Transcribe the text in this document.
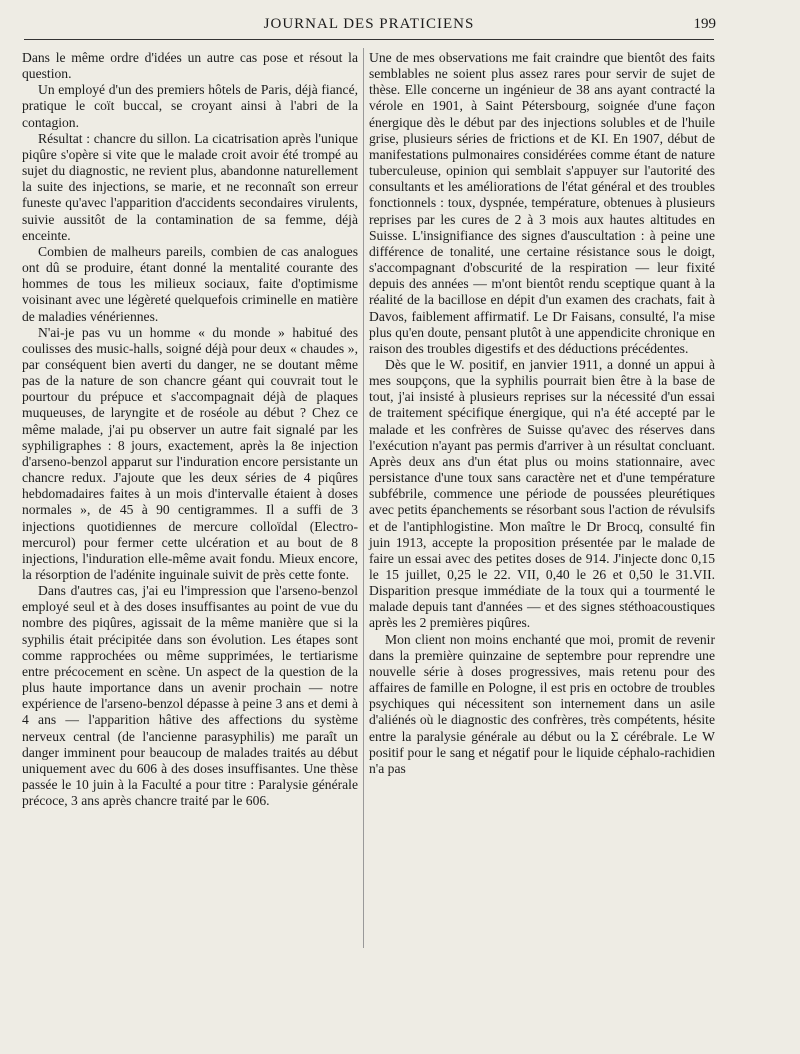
JOURNAL DES PRATICIENS	199

Dans le même ordre d'idées un autre cas pose et résout la question.

Un employé d'un des premiers hôtels de Paris, déjà fiancé, pratique le coït buccal, se croyant ainsi à l'abri de la contagion.

Résultat : chancre du sillon. La cicatrisation après l'unique piqûre s'opère si vite que le malade croit avoir été trompé au sujet du diagnostic, ne revient plus, abandonne naturellement la suite des injections, se marie, et ne reconnaît son erreur funeste qu'avec l'apparition d'accidents secondaires virulents, suivie aussitôt de la contamination de sa femme, déjà enceinte.

Combien de malheurs pareils, combien de cas analogues ont dû se produire, étant donné la mentalité courante des hommes de tous les milieux sociaux, faite d'optimisme voisinant avec une légèreté quelquefois criminelle en matière de maladies vénériennes.

N'ai-je pas vu un homme « du monde » habitué des coulisses des music-halls, soigné déjà pour deux « chaudes », par conséquent bien averti du danger, ne se doutant même pas de la nature de son chancre géant qui couvrait tout le pourtour du prépuce et s'accompagnait déjà de plaques muqueuses, de laryngite et de roséole au début ? Chez ce même malade, j'ai pu observer un autre fait signalé par les syphiligraphes : 8 jours, exactement, après la 8e injection d'arseno-benzol apparut sur l'induration encore persistante un chancre redux. J'ajoute que les deux séries de 4 piqûres hebdomadaires faites à un mois d'intervalle étaient à doses normales », de 45 à 90 centigrammes. Il a suffi de 3 injections quotidiennes de mercure colloïdal (Electro-mercurol) pour fermer cette ulcération et au bout de 8 injections, l'induration elle-même avait fondu. Mieux encore, la résorption de l'adénite inguinale suivit de près cette fonte.

Dans d'autres cas, j'ai eu l'impression que l'arseno-benzol employé seul et à des doses insuffisantes au point de vue du nombre des piqûres, agissait de la même manière que si la syphilis était précipitée dans son évolution. Les étapes sont comme rapprochées ou même supprimées, le tertiarisme entre précocement en scène. Un aspect de la question de la plus haute importance dans un avenir prochain — notre expérience de l'arseno-benzol dépasse à peine 3 ans et demi à 4 ans — l'apparition hâtive des affections du système nerveux central (de l'ancienne parasyphilis) me paraît un danger imminent pour beaucoup de malades traités au début uniquement avec du 606 à des doses insuffisantes. Une thèse passée le 10 juin à la Faculté a pour titre : Paralysie générale précoce, 3 ans après chancre traité par le 606.

Une de mes observations me fait craindre que bientôt des faits semblables ne soient plus assez rares pour servir de sujet de thèse. Elle concerne un ingénieur de 38 ans ayant contracté la vérole en 1901, à Saint Pétersbourg, soignée d'une façon énergique dès le début par des injections solubles et de l'huile grise, plusieurs séries de frictions et de KI. En 1907, début de manifestations pulmonaires considérées comme étant de nature tuberculeuse, opinion qui semblait s'appuyer sur l'autorité des consultants et les améliorations de l'état général et des troubles fonctionnels : toux, dyspnée, température, obtenues à plusieurs reprises par les cures de 2 à 3 mois aux hautes altitudes en Suisse. L'insignifiance des signes d'auscultation : à peine une différence de tonalité, une certaine résistance sous le doigt, s'accompagnant d'obscurité de la respiration — leur fixité depuis des années — m'ont bientôt rendu sceptique quant à la réalité de la bacillose en dépit d'un examen des crachats, fait à Davos, faiblement affirmatif. Le Dr Faisans, consulté, l'a mise plus qu'en doute, pensant plutôt à une appendicite chronique en raison des troubles digestifs et des déductions précédentes.

Dès que le W. positif, en janvier 1911, a donné un appui à mes soupçons, que la syphilis pourrait bien être à la base de tout, j'ai insisté à plusieurs reprises sur la nécessité d'un essai de traitement spécifique énergique, qui n'a été accepté par le malade et les confrères de Suisse qu'avec des réserves dans l'exécution n'ayant pas permis d'arriver à un résultat concluant. Après deux ans d'un état plus ou moins stationnaire, avec persistance d'une toux sans caractère net et d'une température subfébrile, commence une période de poussées pleurétiques avec petits épanchements se résorbant sous l'action de révulsifs et de l'antiphlogistine. Mon maître le Dr Brocq, consulté fin juin 1913, accepte la proposition présentée par le malade de faire un essai avec des petites doses de 914. J'injecte donc 0,15 le 15 juillet, 0,25 le 22. VII, 0,40 le 26 et 0,50 le 31.VII. Disparition presque immédiate de la toux qui a tourmenté le malade depuis tant d'années — et des signes stéthoacoustiques après les 2 premières piqûres.

Mon client non moins enchanté que moi, promit de revenir dans la première quinzaine de septembre pour reprendre une nouvelle série à doses progressives, mais retenu pour des affaires de famille en Pologne, il est pris en octobre de troubles psychiques qui nécessitent son internement dans un asile d'aliénés où le diagnostic des confrères, très compétents, hésite entre la paralysie générale au début ou la Σ cérébrale. Le W positif pour le sang et négatif pour le liquide céphalo-rachidien n'a pas
